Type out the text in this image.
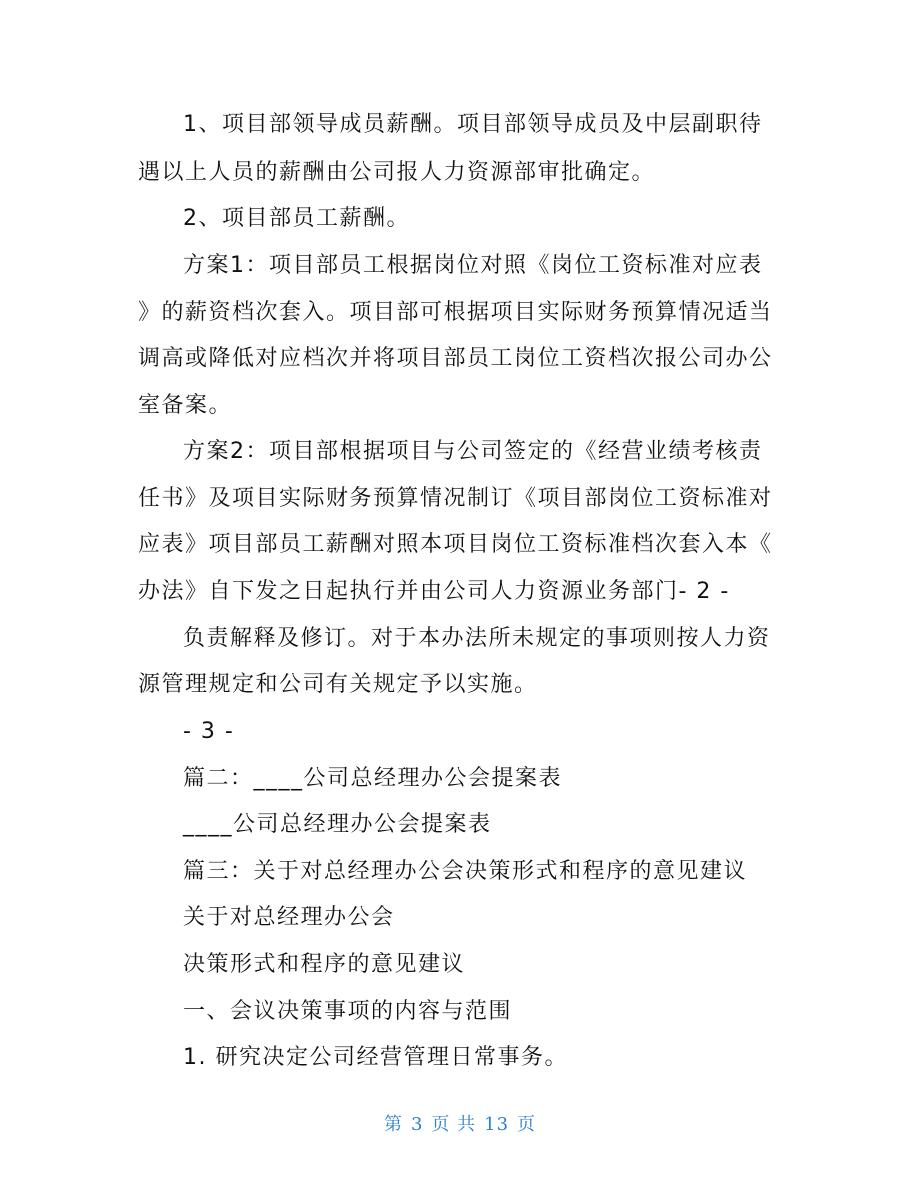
1、项目部领导成员薪酬。项目部领导成员及中层副职待
遇以上人员的薪酬由公司报人力资源部审批确定。
2、项目部员工薪酬。
方案1：项目部员工根据岗位对照《岗位工资标准对应表
》的薪资档次套入。项目部可根据项目实际财务预算情况适当
调高或降低对应档次并将项目部员工岗位工资档次报公司办公
室备案。
方案2：项目部根据项目与公司签定的《经营业绩考核责
任书》及项目实际财务预算情况制订《项目部岗位工资标准对
应表》项目部员工薪酬对照本项目岗位工资标准档次套入本《
办法》自下发之日起执行并由公司人力资源业务部门- 2 -
负责解释及修订。对于本办法所未规定的事项则按人力资
源管理规定和公司有关规定予以实施。
- 3 -
篇二：____公司总经理办公会提案表
____公司总经理办公会提案表
篇三：关于对总经理办公会决策形式和程序的意见建议
关于对总经理办公会
决策形式和程序的意见建议
一、会议决策事项的内容与范围
1. 研究决定公司经营管理日常事务。
第 3 页 共 13 页
